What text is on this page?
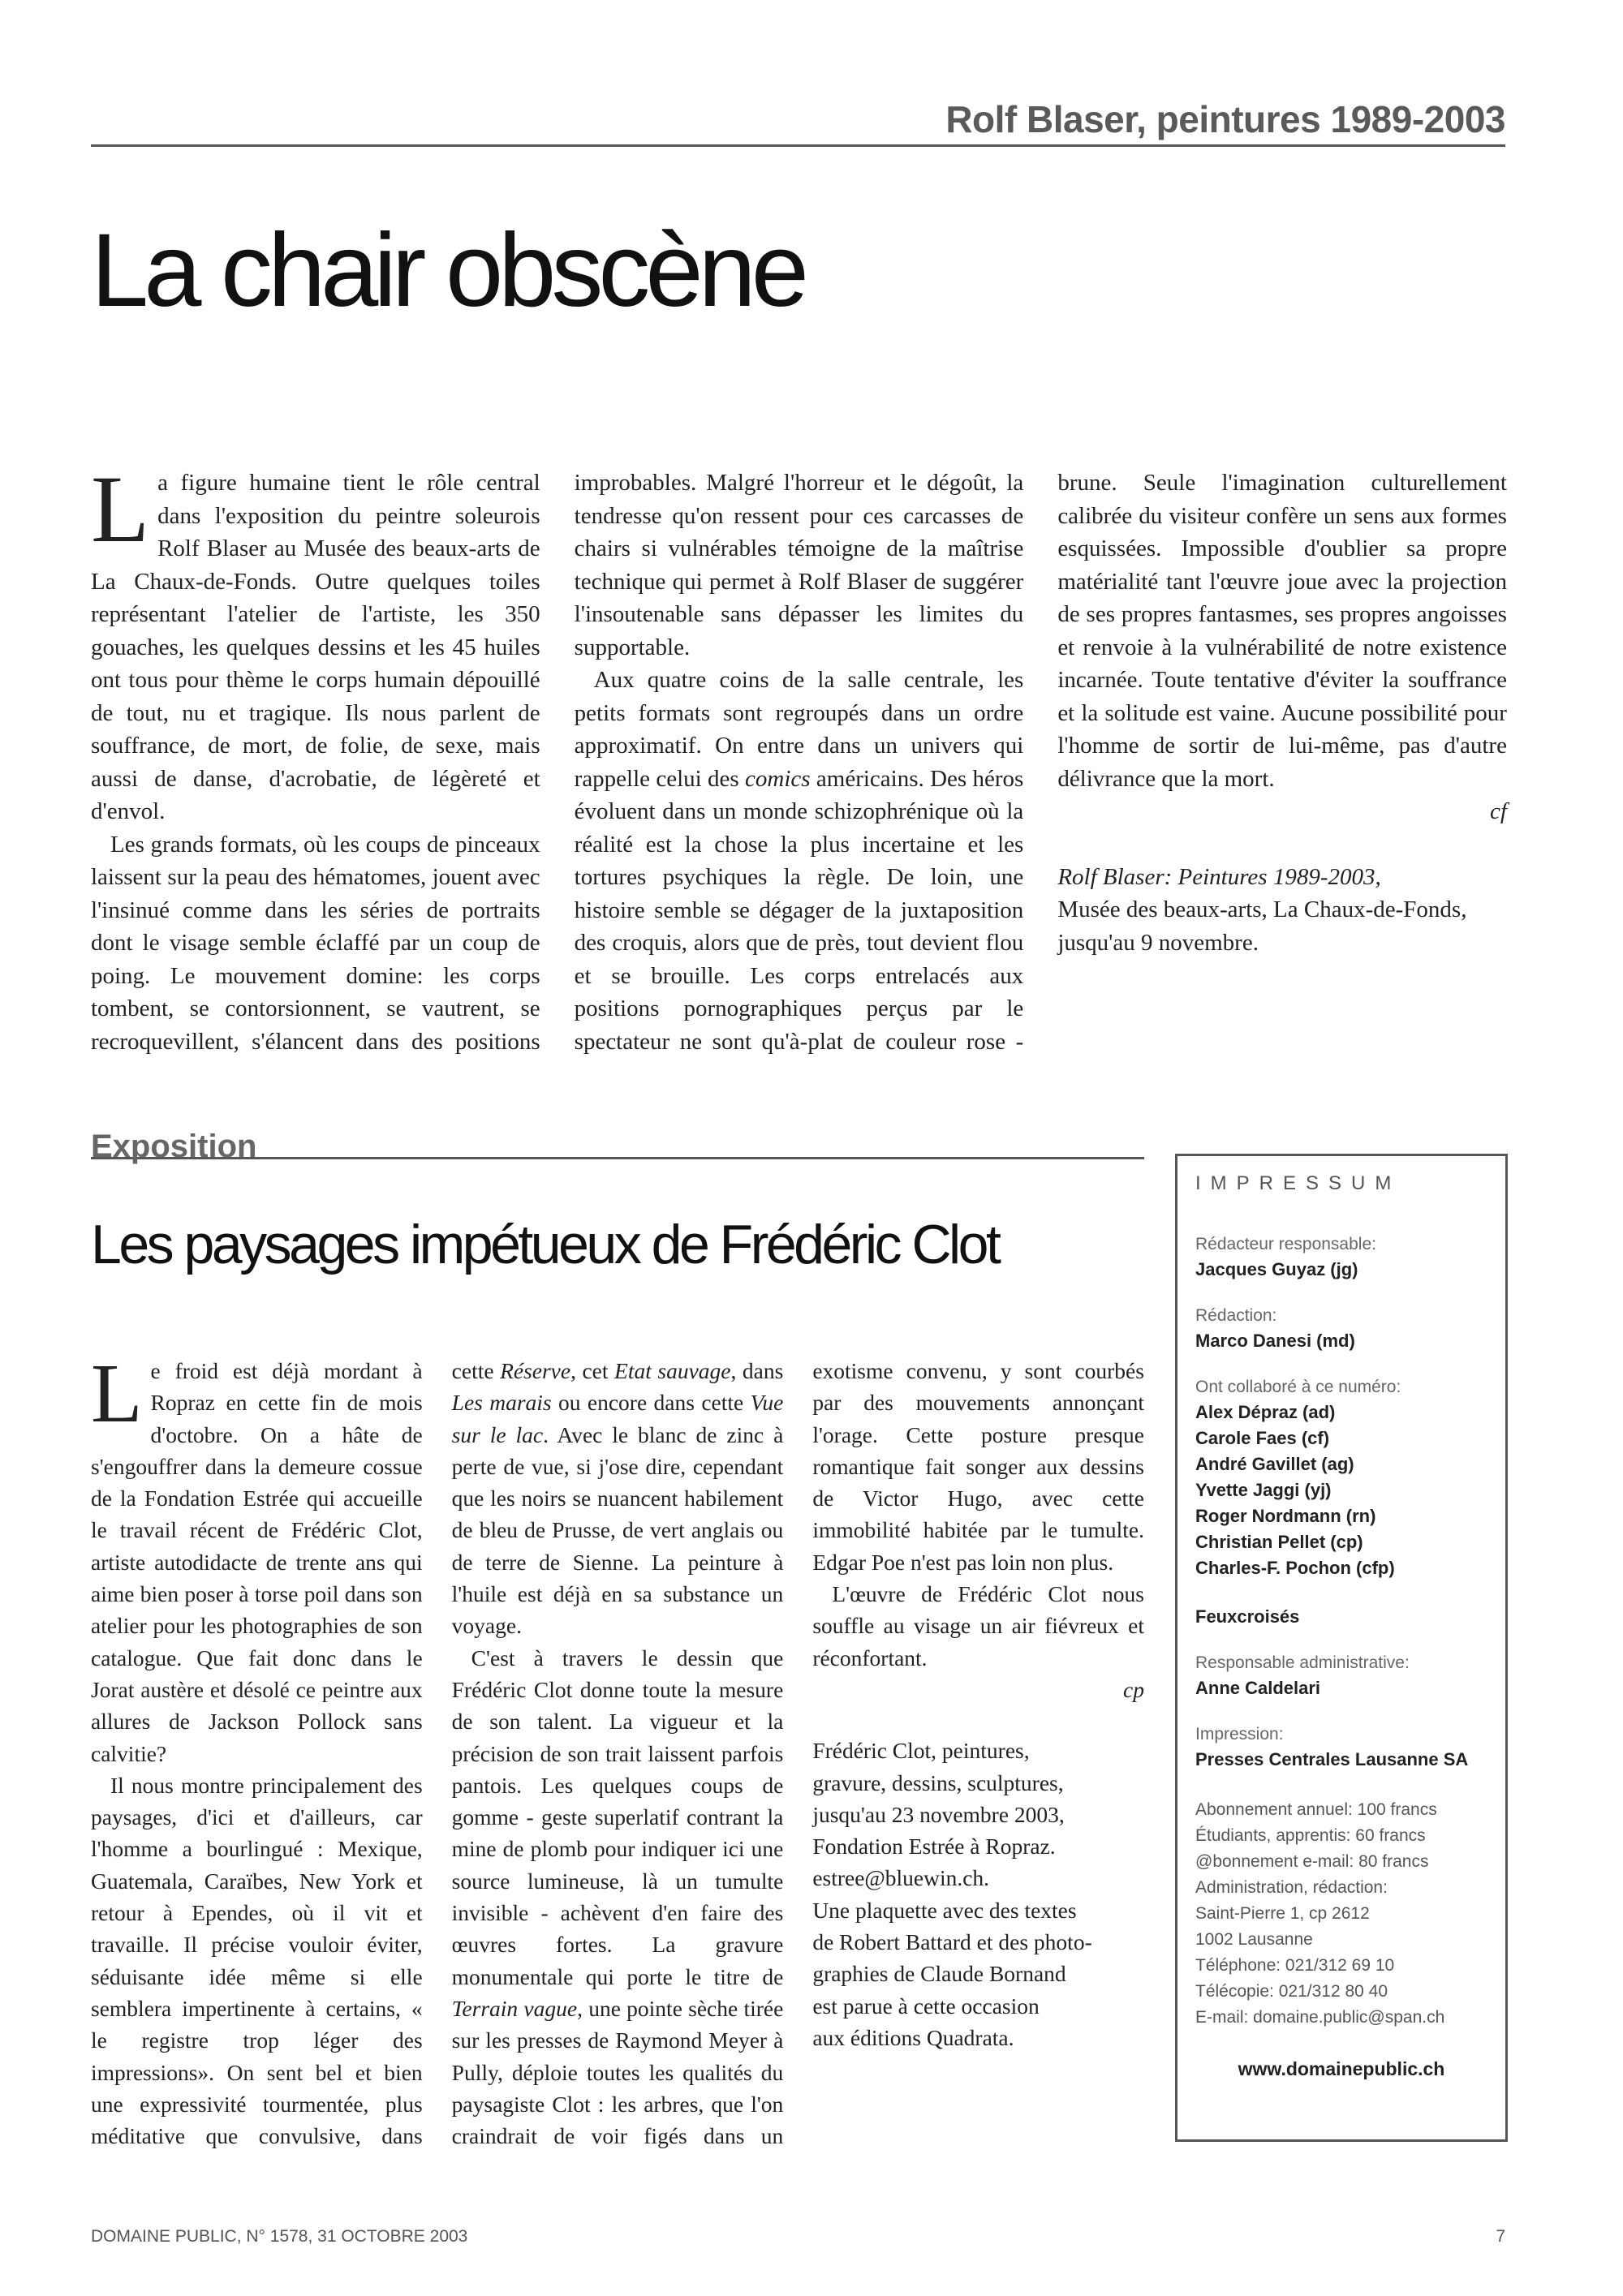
Rolf Blaser, peintures 1989-2003
La chair obscène

La figure humaine tient le rôle central dans l'exposition du peintre soleurois Rolf Blaser au Musée des beaux-arts de La Chaux-de-Fonds. Outre quelques toiles représentant l'atelier de l'artiste, les 350 gouaches, les quelques dessins et les 45 huiles ont tous pour thème le corps humain dépouillé de tout, nu et tragique. Ils nous parlent de souffrance, de mort, de folie, de sexe, mais aussi de danse, d'acrobatie, de légèreté et d'envol.

Les grands formats, où les coups de pinceaux laissent sur la peau des hématomes, jouent avec l'insinué comme dans les séries de portraits dont le visage semble éclaffé par un coup de poing. Le mouvement domine: les corps tombent, se contorsionnent, se vautrent, se recroquevillent, s'élancent dans des positions improbables. Malgré l'horreur et le dégoût, la tendresse qu'on ressent pour ces carcasses de chairs si vulnérables témoigne de la maîtrise technique qui permet à Rolf Blaser de suggérer l'insoutenable sans dépasser les limites du supportable.

Aux quatre coins de la salle centrale, les petits formats sont regroupés dans un ordre approximatif. On entre dans un univers qui rappelle celui des comics américains. Des héros évoluent dans un monde schizophrénique où la réalité est la chose la plus incertaine et les tortures psychiques la règle. De loin, une histoire semble se dégager de la juxtaposition des croquis, alors que de près, tout devient flou et se brouille. Les corps entrelacés aux positions pornographiques perçus par le spectateur ne sont qu'à-plat de couleur rose - brune. Seule l'imagination culturellement calibrée du visiteur confère un sens aux formes esquissées. Impossible d'oublier sa propre matérialité tant l'œuvre joue avec la projection de ses propres fantasmes, ses propres angoisses et renvoie à la vulnérabilité de notre existence incarnée. Toute tentative d'éviter la souffrance et la solitude est vaine. Aucune possibilité pour l'homme de sortir de lui-même, pas d'autre délivrance que la mort.
cf

Rolf Blaser: Peintures 1989-2003,
Musée des beaux-arts, La Chaux-de-Fonds,
jusqu'au 9 novembre.

Exposition
Les paysages impétueux de Frédéric Clot

Le froid est déjà mordant à Ropraz en cette fin de mois d'octobre. On a hâte de s'engouffrer dans la demeure cossue de la Fondation Estrée qui accueille le travail récent de Frédéric Clot, artiste autodidacte de trente ans qui aime bien poser à torse poil dans son atelier pour les photographies de son catalogue. Que fait donc dans le Jorat austère et désolé ce peintre aux allures de Jackson Pollock sans calvitie?

Il nous montre principalement des paysages, d'ici et d'ailleurs, car l'homme a bourlingué : Mexique, Guatemala, Caraïbes, New York et retour à Ependes, où il vit et travaille. Il précise vouloir éviter, séduisante idée même si elle semblera impertinente à certains, « le registre trop léger des impressions». On sent bel et bien une expressivité tourmentée, plus méditative que convulsive, dans cette Réserve, cet Etat sauvage, dans Les marais ou encore dans cette Vue sur le lac. Avec le blanc de zinc à perte de vue, si j'ose dire, cependant que les noirs se nuancent habilement de bleu de Prusse, de vert anglais ou de terre de Sienne. La peinture à l'huile est déjà en sa substance un voyage.

C'est à travers le dessin que Frédéric Clot donne toute la mesure de son talent. La vigueur et la précision de son trait laissent parfois pantois. Les quelques coups de gomme - geste superlatif contrant la mine de plomb pour indiquer ici une source lumineuse, là un tumulte invisible - achèvent d'en faire des œuvres fortes. La gravure monumentale qui porte le titre de Terrain vague, une pointe sèche tirée sur les presses de Raymond Meyer à Pully, déploie toutes les qualités du paysagiste Clot : les arbres, que l'on craindrait de voir figés dans un exotisme convenu, y sont courbés par des mouvements annonçant l'orage. Cette posture presque romantique fait songer aux dessins de Victor Hugo, avec cette immobilité habitée par le tumulte. Edgar Poe n'est pas loin non plus.

L'œuvre de Frédéric Clot nous souffle au visage un air fiévreux et réconfortant.
cp

Frédéric Clot, peintures,
gravure, dessins, sculptures,
jusqu'au 23 novembre 2003,
Fondation Estrée à Ropraz.
estree@bluewin.ch.
Une plaquette avec des textes
de Robert Battard et des photo-
graphies de Claude Bornand
est parue à cette occasion
aux éditions Quadrata.

IMPRESSUM
Rédacteur responsable:
Jacques Guyaz (jg)
Rédaction:
Marco Danesi (md)
Ont collaboré à ce numéro:
Alex Dépraz (ad)
Carole Faes (cf)
André Gavillet (ag)
Yvette Jaggi (yj)
Roger Nordmann (rn)
Christian Pellet (cp)
Charles-F. Pochon (cfp)
Feuxcroisés
Responsable administrative:
Anne Caldelari
Impression:
Presses Centrales Lausanne SA
Abonnement annuel: 100 francs
Étudiants, apprentis: 60 francs
@bonnement e-mail: 80 francs
Administration, rédaction:
Saint-Pierre 1, cp 2612
1002 Lausanne
Téléphone: 021/312 69 10
Télécopie: 021/312 80 40
E-mail: domaine.public@span.ch
www.domainepublic.ch
DOMAINE PUBLIC, N° 1578, 31 OCTOBRE 2003	7
